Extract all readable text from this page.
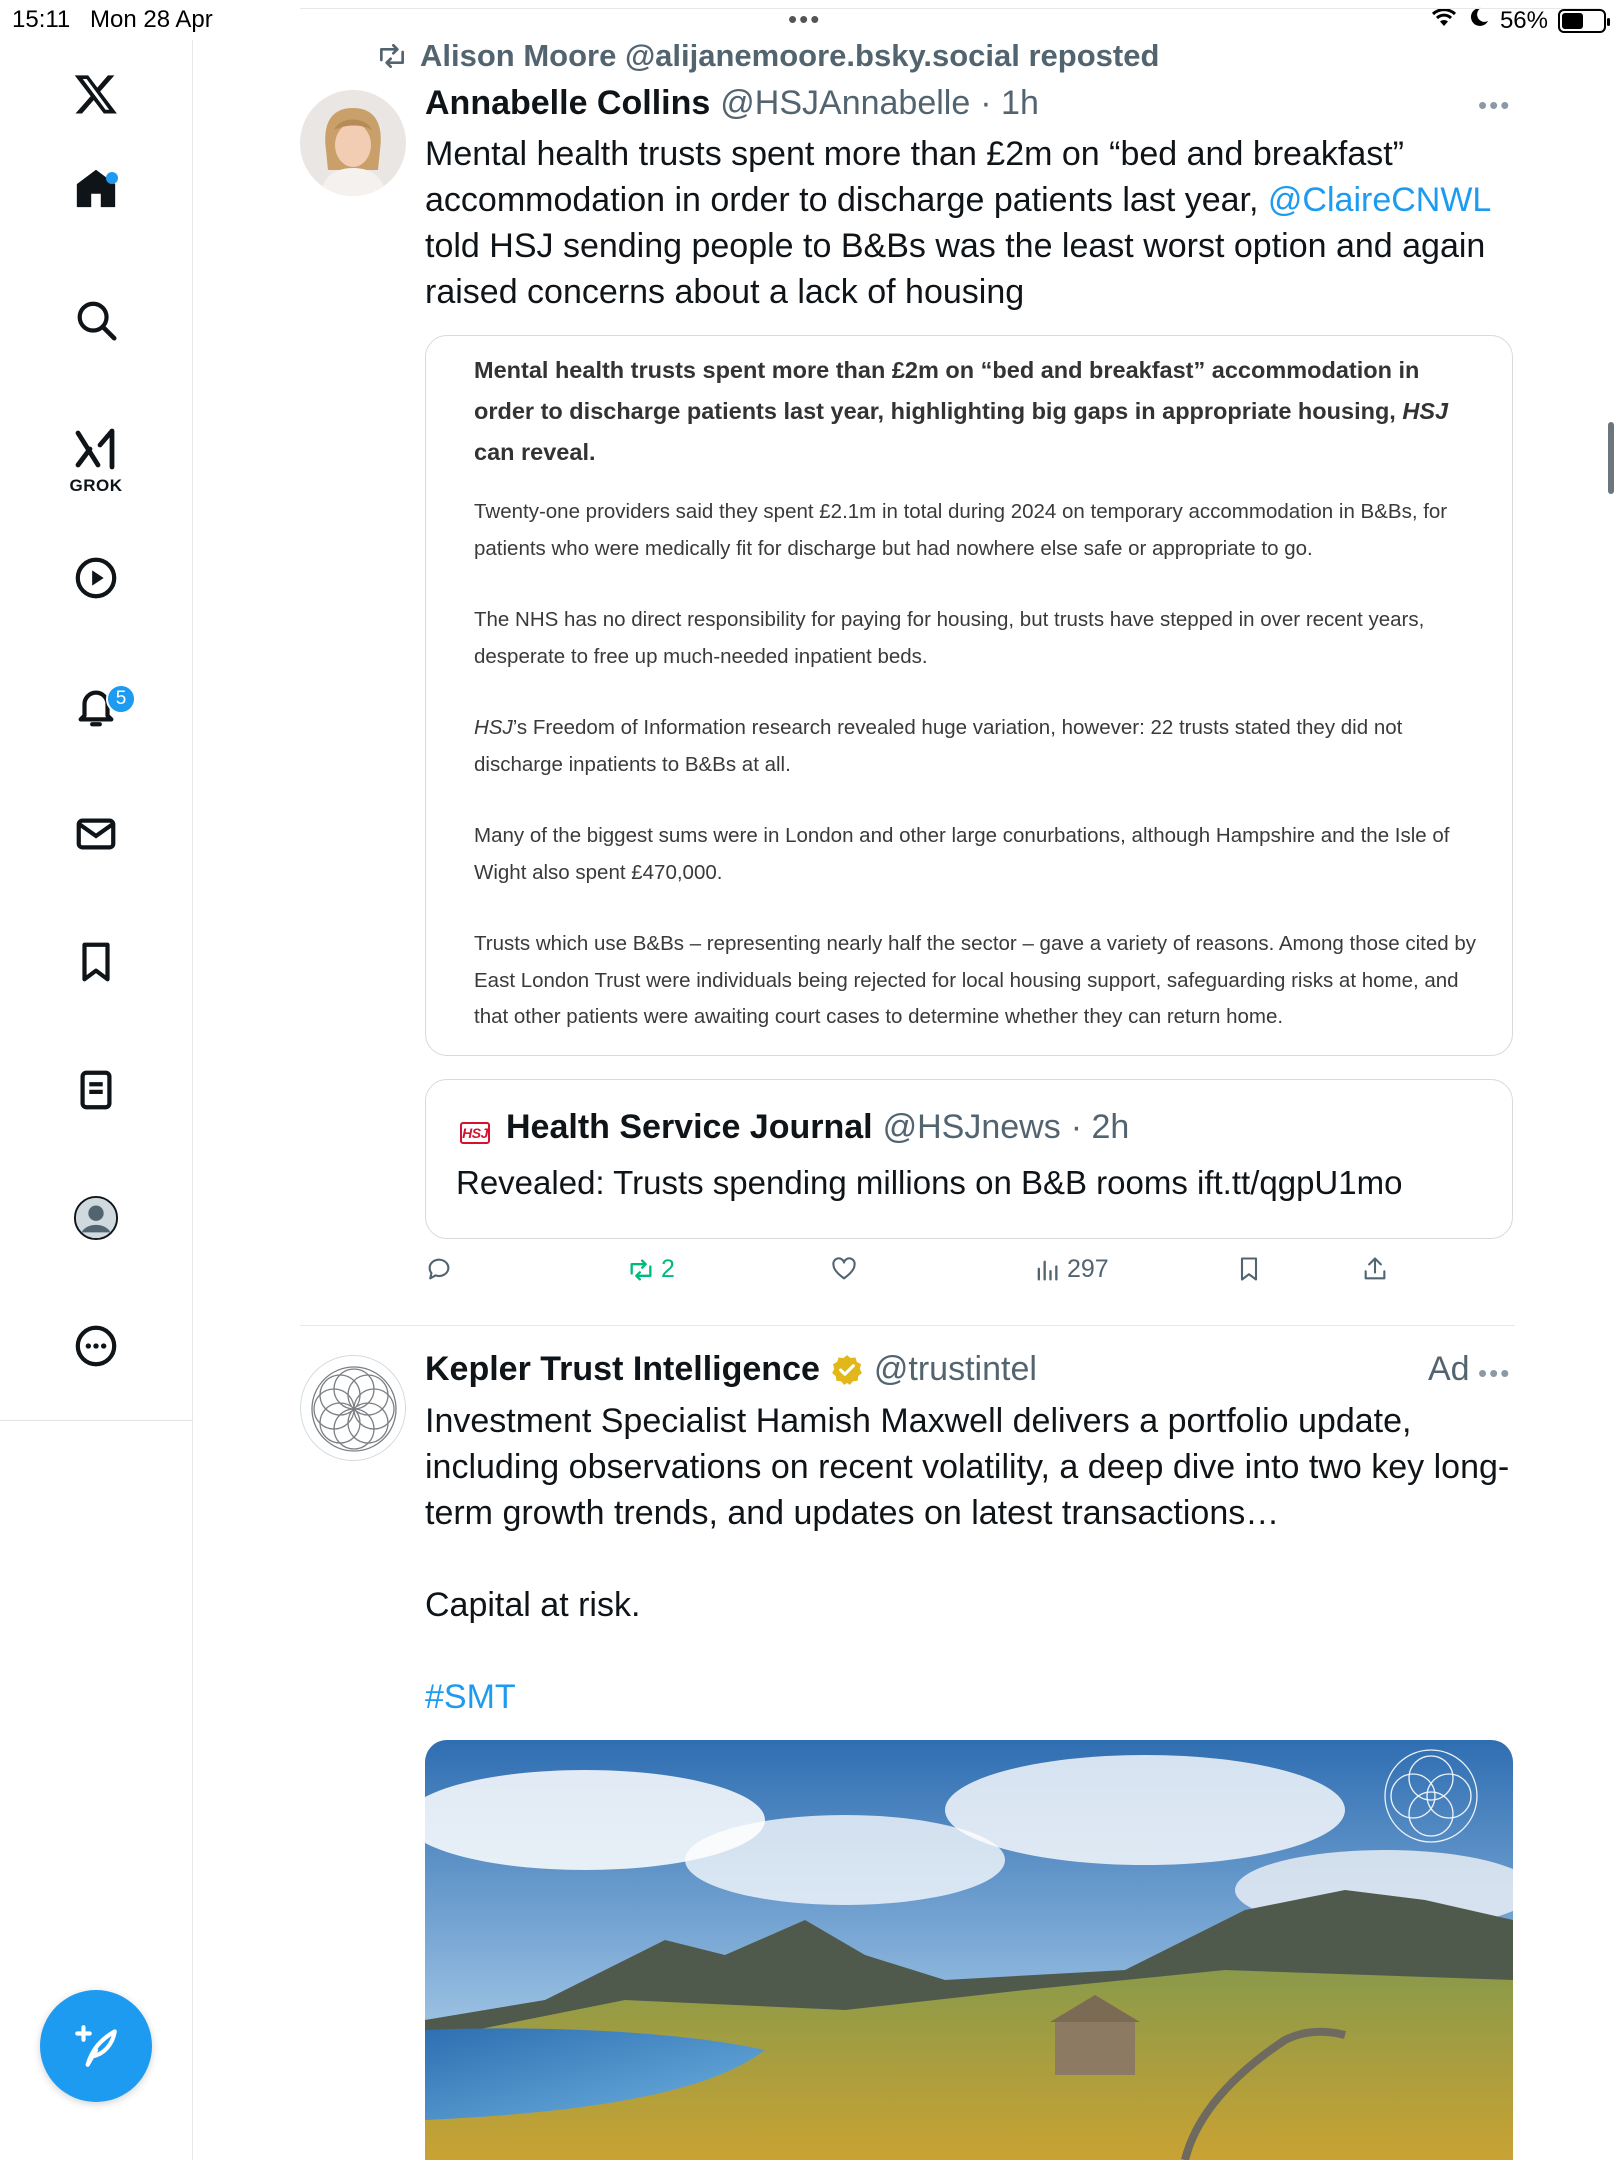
15:11 Mon 28 Apr	56%
•••
GROK
5
Alison Moore @alijanemoore.bsky.social reposted
Annabelle Collins @HSJAnnabelle · 1h	•••
Mental health trusts spent more than £2m on “bed and breakfast” accommodation in order to discharge patients last year, @ClaireCNWL told HSJ sending people to B&Bs was the least worst option and again raised concerns about a lack of housing
Mental health trusts spent more than £2m on “bed and breakfast” accommodation in order to discharge patients last year, highlighting big gaps in appropriate housing, HSJ can reveal.
Twenty-one providers said they spent £2.1m in total during 2024 on temporary accommodation in B&Bs, for patients who were medically fit for discharge but had nowhere else safe or appropriate to go.
The NHS has no direct responsibility for paying for housing, but trusts have stepped in over recent years, desperate to free up much-needed inpatient beds.
HSJ’s Freedom of Information research revealed huge variation, however: 22 trusts stated they did not discharge inpatients to B&Bs at all.
Many of the biggest sums were in London and other large conurbations, although Hampshire and the Isle of Wight also spent £470,000.
Trusts which use B&Bs – representing nearly half the sector – gave a variety of reasons. Among those cited by East London Trust were individuals being rejected for local housing support, safeguarding risks at home, and that other patients were awaiting court cases to determine whether they can return home.
HSJ Health Service Journal @HSJnews · 2h
Revealed: Trusts spending millions on B&B rooms ift.tt/qgpU1mo
2	297
Kepler Trust Intelligence @trustintel	Ad •••
Investment Specialist Hamish Maxwell delivers a portfolio update, including observations on recent volatility, a deep dive into two key long-term growth trends, and updates on latest transactions…
Capital at risk.
#SMT
